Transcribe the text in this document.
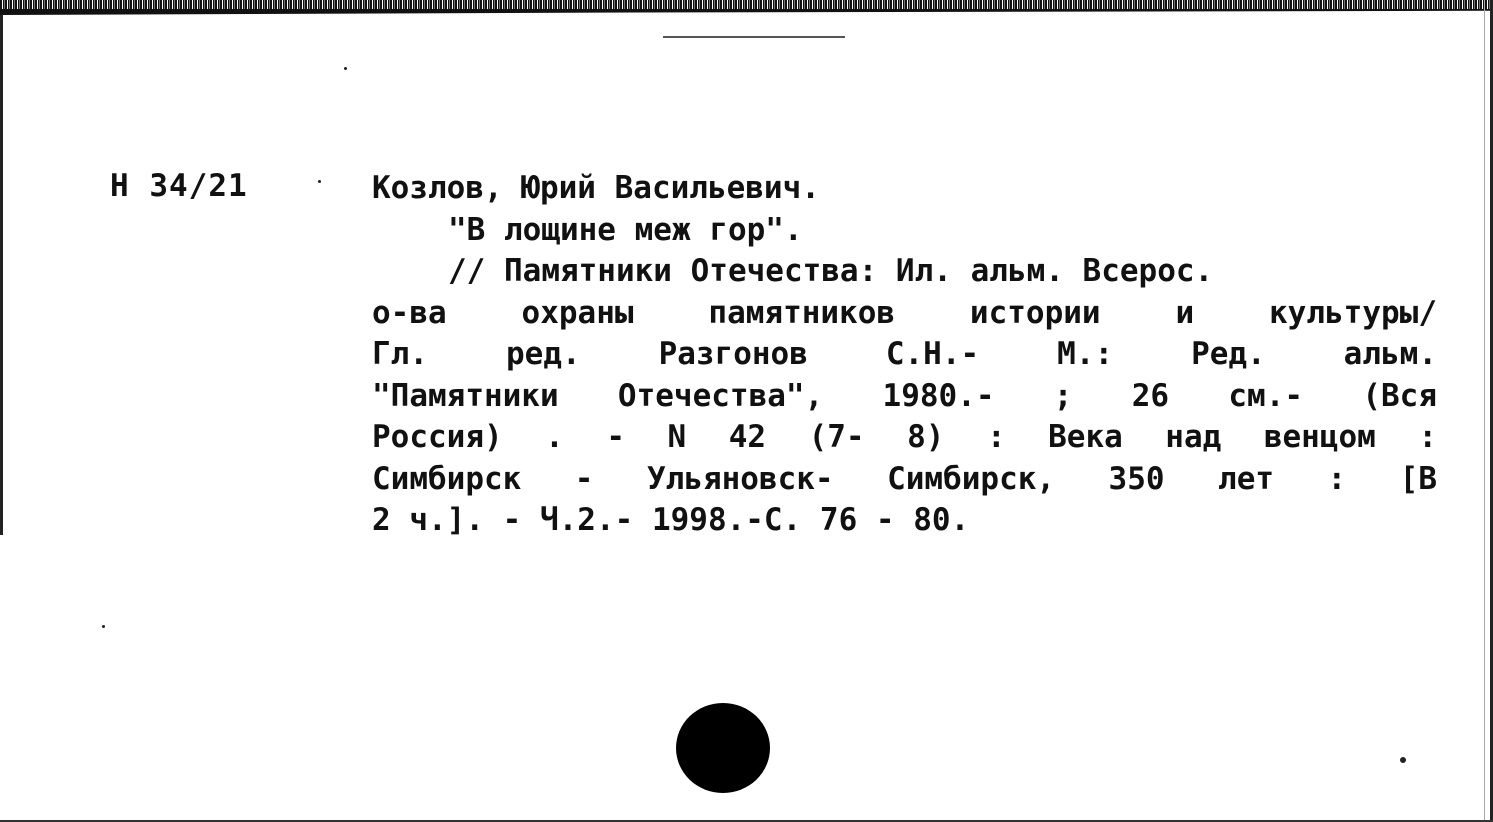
Н 34/21	Козлов, Юрий Васильевич.
"В лощине меж гор".
// Памятники Отечества: Ил. альм. Всерос.
о-ва охраны памятников истории и культуры/
Гл. ред. Разгонов С.Н.- М.: Ред. альм.
"Памятники Отечества", 1980.- ; 26 см.- (Вся
Россия) . - N 42 (7- 8) : Века над венцом :
Симбирск - Ульяновск- Симбирск, 350 лет : [В
2 ч.]. - Ч.2.- 1998.-С. 76 - 80.
